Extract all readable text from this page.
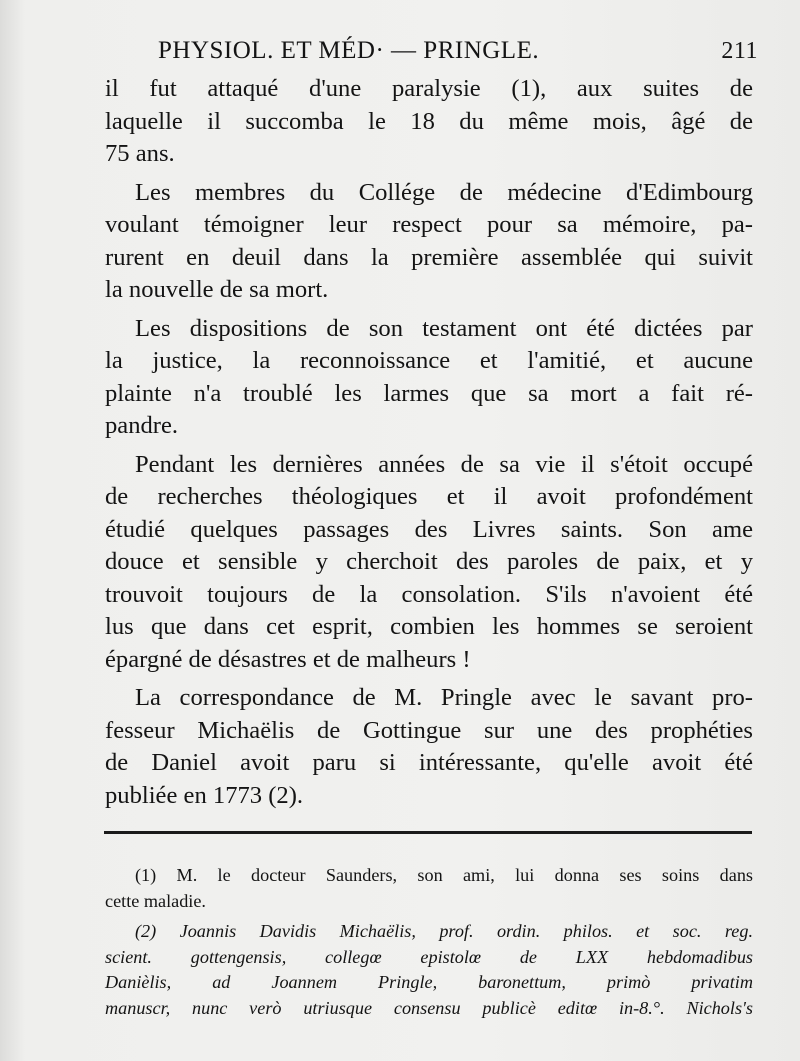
PHYSIOL. ET MÉD· — PRINGLE.	211
il fut attaqué d'une paralysie (1), aux suites de
laquelle il succomba le 18 du même mois, âgé de
75 ans.
Les membres du Collége de médecine d'Edimbourg
voulant témoigner leur respect pour sa mémoire, pa-
rurent en deuil dans la première assemblée qui suivit
la nouvelle de sa mort.
Les dispositions de son testament ont été dictées par
la justice, la reconnoissance et l'amitié, et aucune
plainte n'a troublé les larmes que sa mort a fait ré-
pandre.
Pendant les dernières années de sa vie il s'étoit occupé
de recherches théologiques et il avoit profondément
étudié quelques passages des Livres saints. Son ame
douce et sensible y cherchoit des paroles de paix, et y
trouvoit toujours de la consolation. S'ils n'avoient été
lus que dans cet esprit, combien les hommes se seroient
épargné de désastres et de malheurs !
La correspondance de M. Pringle avec le savant pro-
fesseur Michaëlis de Gottingue sur une des prophéties
de Daniel avoit paru si intéressante, qu'elle avoit été
publiée en 1773 (2).
(1) M. le docteur Saunders, son ami, lui donna ses soins dans
cette maladie.
(2) Joannis Davidis Michaëlis, prof. ordin. philos. et soc. reg.
scient. gottengensis, collegœ epistolœ de LXX hebdomadibus
Danièlis, ad Joannem Pringle, baronettum, primò privatim
manuscr, nunc verò utriusque consensu publicè editœ in-8.°. Nichols's
